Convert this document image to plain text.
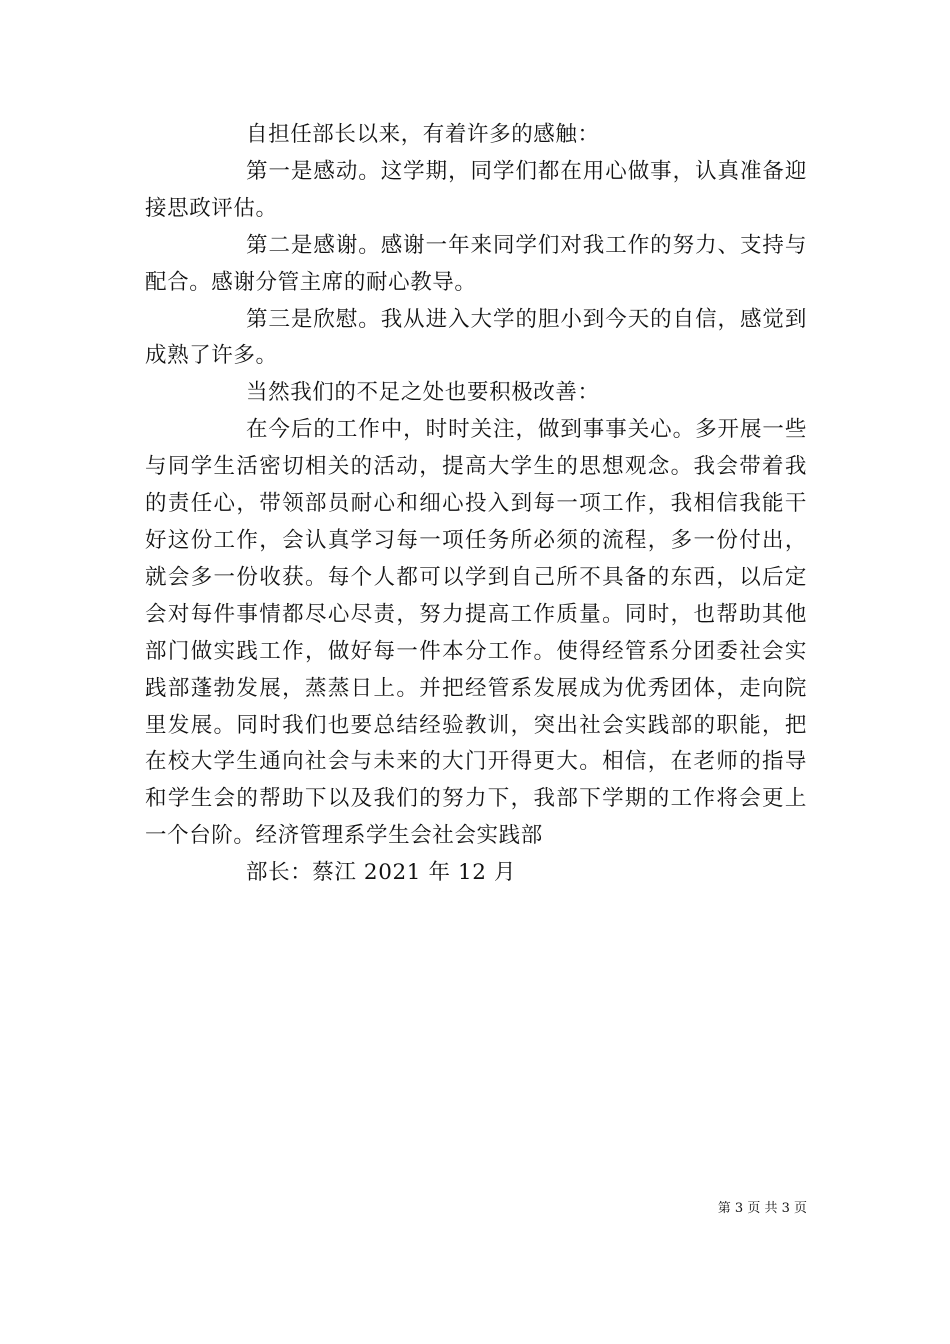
自担任部长以来，有着许多的感触：

第一是感动。这学期，同学们都在用心做事，认真准备迎接思政评估。

第二是感谢。感谢一年来同学们对我工作的努力、支持与配合。感谢分管主席的耐心教导。

第三是欣慰。我从进入大学的胆小到今天的自信，感觉到成熟了许多。

当然我们的不足之处也要积极改善：

在今后的工作中，时时关注，做到事事关心。多开展一些与同学生活密切相关的活动，提高大学生的思想观念。我会带着我的责任心，带领部员耐心和细心投入到每一项工作，我相信我能干好这份工作，会认真学习每一项任务所必须的流程，多一份付出，就会多一份收获。每个人都可以学到自己所不具备的东西，以后定会对每件事情都尽心尽责，努力提高工作质量。同时，也帮助其他部门做实践工作，做好每一件本分工作。使得经管系分团委社会实践部蓬勃发展，蒸蒸日上。并把经管系发展成为优秀团体，走向院里发展。同时我们也要总结经验教训，突出社会实践部的职能，把在校大学生通向社会与未来的大门开得更大。相信，在老师的指导和学生会的帮助下以及我们的努力下，我部下学期的工作将会更上一个台阶。经济管理系学生会社会实践部

部长：蔡江 2021 年 12 月

第 3 页 共 3 页
